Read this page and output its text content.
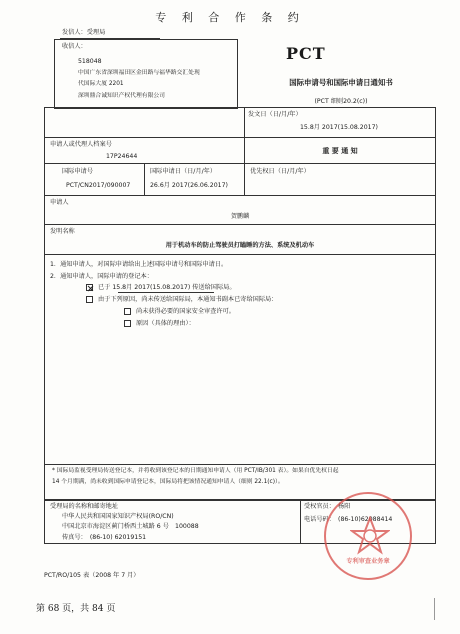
专 利 合 作 条 约
发信人：受理局
收信人：
518048
中国广东省深圳福田区金田路与福华路交汇处现
代国际大厦 2201
深圳鼎合诚知识产权代理有限公司
PCT
国际申请号和国际申请日通知书
(PCT 细则20.2(c))
发文日（日/月/年）
15.8月 2017(15.08.2017)
申请人或代理人档案号
17P24644
重 要 通 知
国际申请号
PCT/CN2017/090007
国际申请日（日/月/年）
26.6月 2017(26.06.2017)
优先权日（日/月/年）
申请人
贺鹏麟
发明名称
用于机动车的防止驾驶员打瞌睡的方法、系统及机动车
1．通知申请人，对国际申请给出上述国际申请号和国际申请日。
2．通知申请人，国际申请的登记本：
已于 15.8月 2017(15.08.2017) 传送给国际局。
由于下列原因，尚未传送给国际局，本通知书副本已寄给国际局：
尚未获得必要的国家安全审查许可。
原因（具体的理由）：
* 国际局监视受理局传送登记本，并将收到该登记本的日期通知申请人（用 PCT/IB/301 表）。如果自优先权日起
14 个月期满，尚未收到国际申请登记本，国际局将把该情况通知申请人（细则 22.1(c)）。
受理局的名称和邮寄地址
中华人民共和国国家知识产权局(RO/CN)
中国北京市海淀区蓟门桥西土城路 6 号　100088
传真号：　(86-10) 62019151
受权官员：　杨阳
电话号码：　(86-10)62088414
专利审查业务章
PCT/RO/105 表（2008 年 7 月）
第 68 页，共 84 页
